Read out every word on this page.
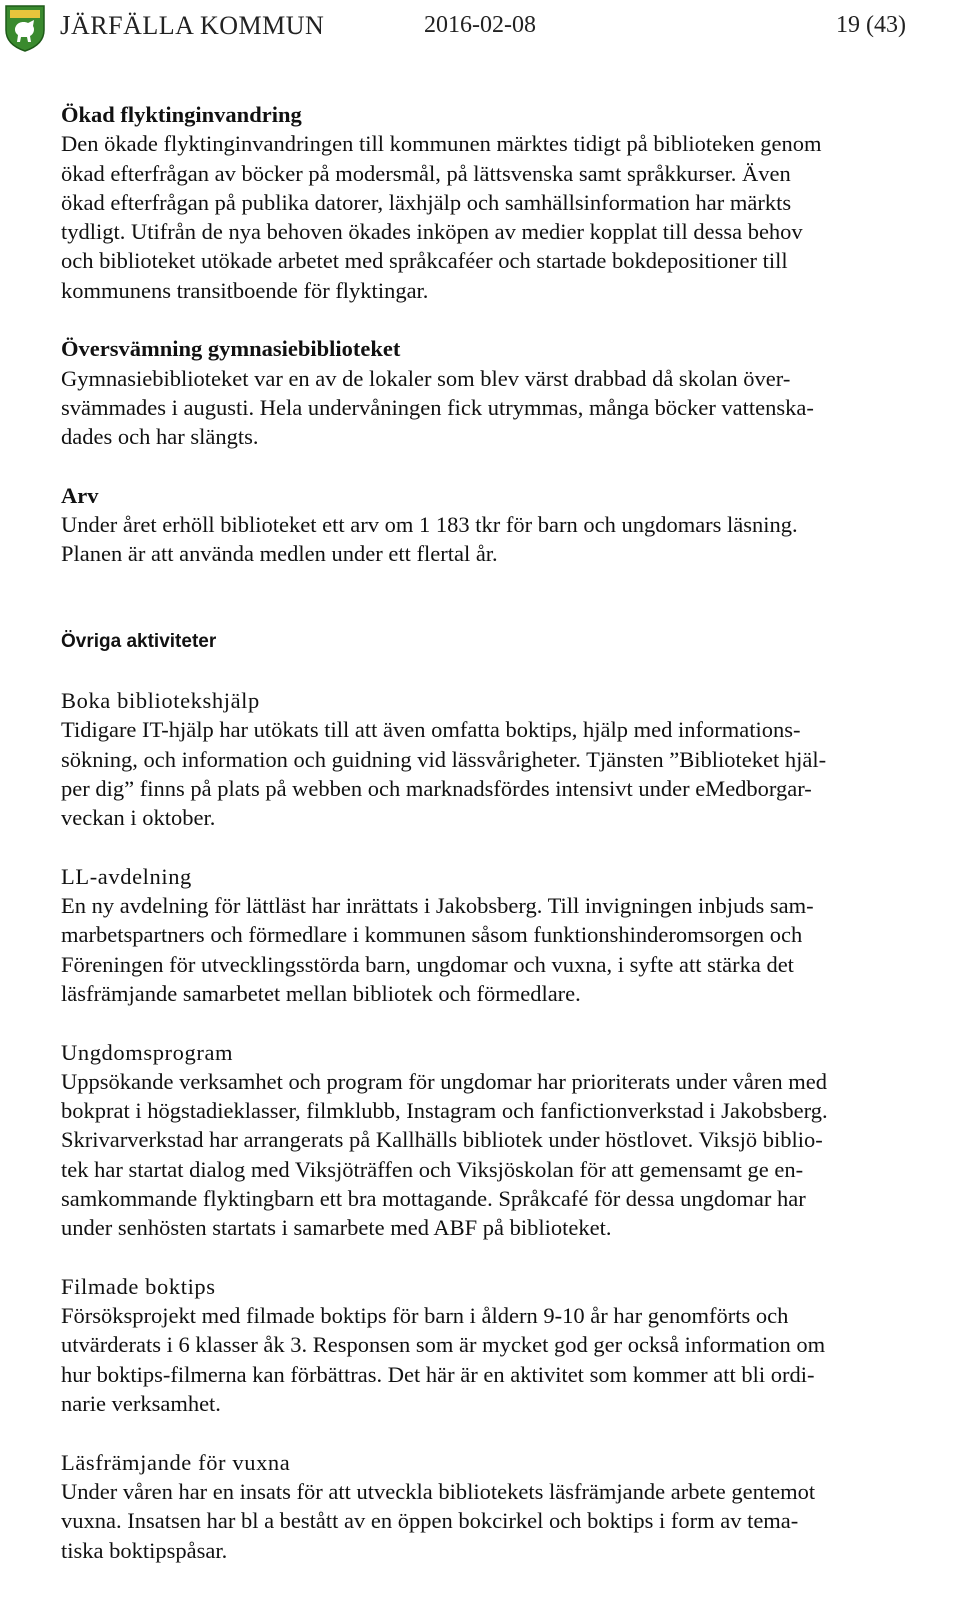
JÄRFÄLLA KOMMUN	2016-02-08	19 (43)
Ökad flyktinginvandring
Den ökade flyktinginvandringen till kommunen märktes tidigt på biblioteken genom
ökad efterfrågan av böcker på modersmål, på lättsvenska samt språkkurser. Även
ökad efterfrågan på publika datorer, läxhjälp och samhällsinformation har märkts
tydligt. Utifrån de nya behoven ökades inköpen av medier kopplat till dessa behov
och biblioteket utökade arbetet med språkcaféer och startade bokdepositioner till
kommunens transitboende för flyktingar.
Översvämning gymnasiebiblioteket
Gymnasiebiblioteket var en av de lokaler som blev värst drabbad då skolan över-
svämmades i augusti. Hela undervåningen fick utrymmas, många böcker vattenska-
dades och har slängts.
Arv
Under året erhöll biblioteket ett arv om 1 183 tkr för barn och ungdomars läsning.
Planen är att använda medlen under ett flertal år.
Övriga aktiviteter
Boka bibliotekshjälp
Tidigare IT-hjälp har utökats till att även omfatta boktips, hjälp med informations-
sökning, och information och guidning vid lässvårigheter. Tjänsten ”Biblioteket hjäl-
per dig” finns på plats på webben och marknadsfördes intensivt under eMedborgar-
veckan i oktober.
LL-avdelning
En ny avdelning för lättläst har inrättats i Jakobsberg. Till invigningen inbjuds sam-
marbetspartners och förmedlare i kommunen såsom funktionshinderomsorgen och
Föreningen för utvecklingsstörda barn, ungdomar och vuxna, i syfte att stärka det
läsfrämjande samarbetet mellan bibliotek och förmedlare.
Ungdomsprogram
Uppsökande verksamhet och program för ungdomar har prioriterats under våren med
bokprat i högstadieklasser, filmklubb, Instagram och fanfictionverkstad i Jakobsberg.
Skrivarverkstad har arrangerats på Kallhälls bibliotek under höstlovet. Viksjö biblio-
tek har startat dialog med Viksjöträffen och Viksjöskolan för att gemensamt ge en-
samkommande flyktingbarn ett bra mottagande. Språkcafé för dessa ungdomar har
under senhösten startats i samarbete med ABF på biblioteket.
Filmade boktips
Försöksprojekt med filmade boktips för barn i åldern 9-10 år har genomförts och
utvärderats i 6 klasser åk 3. Responsen som är mycket god ger också information om
hur boktips-filmerna kan förbättras. Det här är en aktivitet som kommer att bli ordi-
narie verksamhet.
Läsfrämjande för vuxna
Under våren har en insats för att utveckla bibliotekets läsfrämjande arbete gentemot
vuxna. Insatsen har bl a bestått av en öppen bokcirkel och boktips i form av tema-
tiska boktipspåsar.
